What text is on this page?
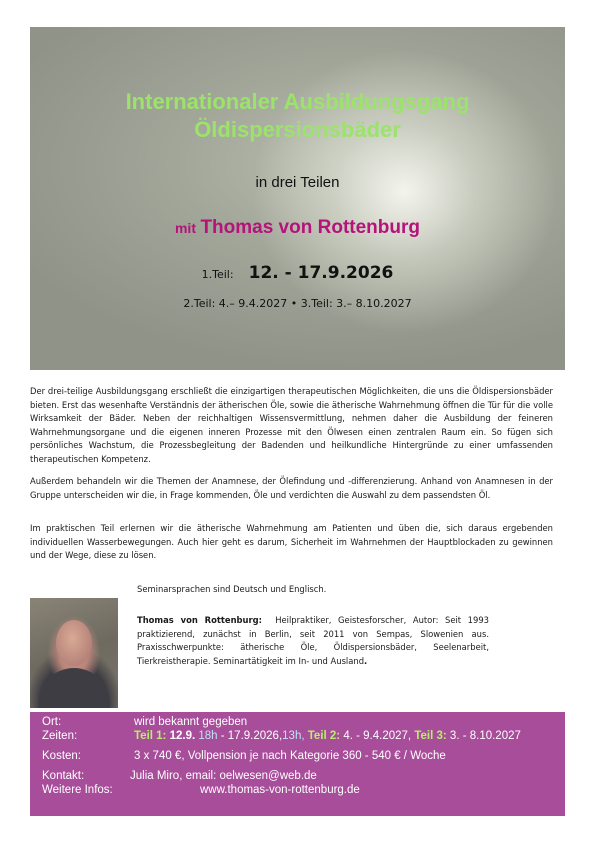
Internationaler Ausbildungsgang
Öldispersionsbäder
in drei Teilen
mit Thomas von Rottenburg
1.Teil: 12. - 17.9.2026
2.Teil: 4.– 9.4.2027 • 3.Teil: 3.– 8.10.2027

Der drei-teilige Ausbildungsgang erschließt die einzigartigen therapeutischen Möglichkeiten, die uns die Öldispersionsbäder bieten. Erst das wesenhafte Verständnis der ätherischen Öle, sowie die ätherische Wahrnehmung öffnen die Tür für die volle Wirksamkeit der Bäder. Neben der reichhaltigen Wissensvermittlung, nehmen daher die Ausbildung der feineren Wahrnehmungsorgane und die eigenen inneren Prozesse mit den Ölwesen einen zentralen Raum ein. So fügen sich persönliches Wachstum, die Prozessbegleitung der Badenden und heilkundliche Hintergründe zu einer umfassenden therapeutischen Kompetenz.

Außerdem behandeln wir die Themen der Anamnese, der Ölefindung und -differenzierung. Anhand von Anamnesen in der Gruppe unterscheiden wir die, in Frage kommenden, Öle und verdichten die Auswahl zu dem passendsten Öl.

Im praktischen Teil erlernen wir die ätherische Wahrnehmung am Patienten und üben die, sich daraus ergebenden individuellen Wasserbewegungen. Auch hier geht es darum, Sicherheit im Wahrnehmen der Hauptblockaden zu gewinnen und der Wege, diese zu lösen.

Seminarsprachen sind Deutsch und Englisch.

Thomas von Rottenburg: Heilpraktiker, Geistesforscher, Autor: Seit 1993 praktizierend, zunächst in Berlin, seit 2011 von Sempas, Slowenien aus. Praxisschwerpunkte: ätherische Öle, Öldispersionsbäder, Seelenarbeit, Tierkreistherapie. Seminartätigkeit im In- und Ausland.

Ort:	wird bekannt gegeben
Zeiten:	Teil 1: 12.9. 18h - 17.9.2026,13h, Teil 2: 4. - 9.4.2027, Teil 3: 3. - 8.10.2027
Kosten:	3 x 740 €, Vollpension je nach Kategorie 360 - 540 € / Woche
Kontakt:	Julia Miro, email: oelwesen@web.de
Weitere Infos:	www.thomas-von-rottenburg.de
